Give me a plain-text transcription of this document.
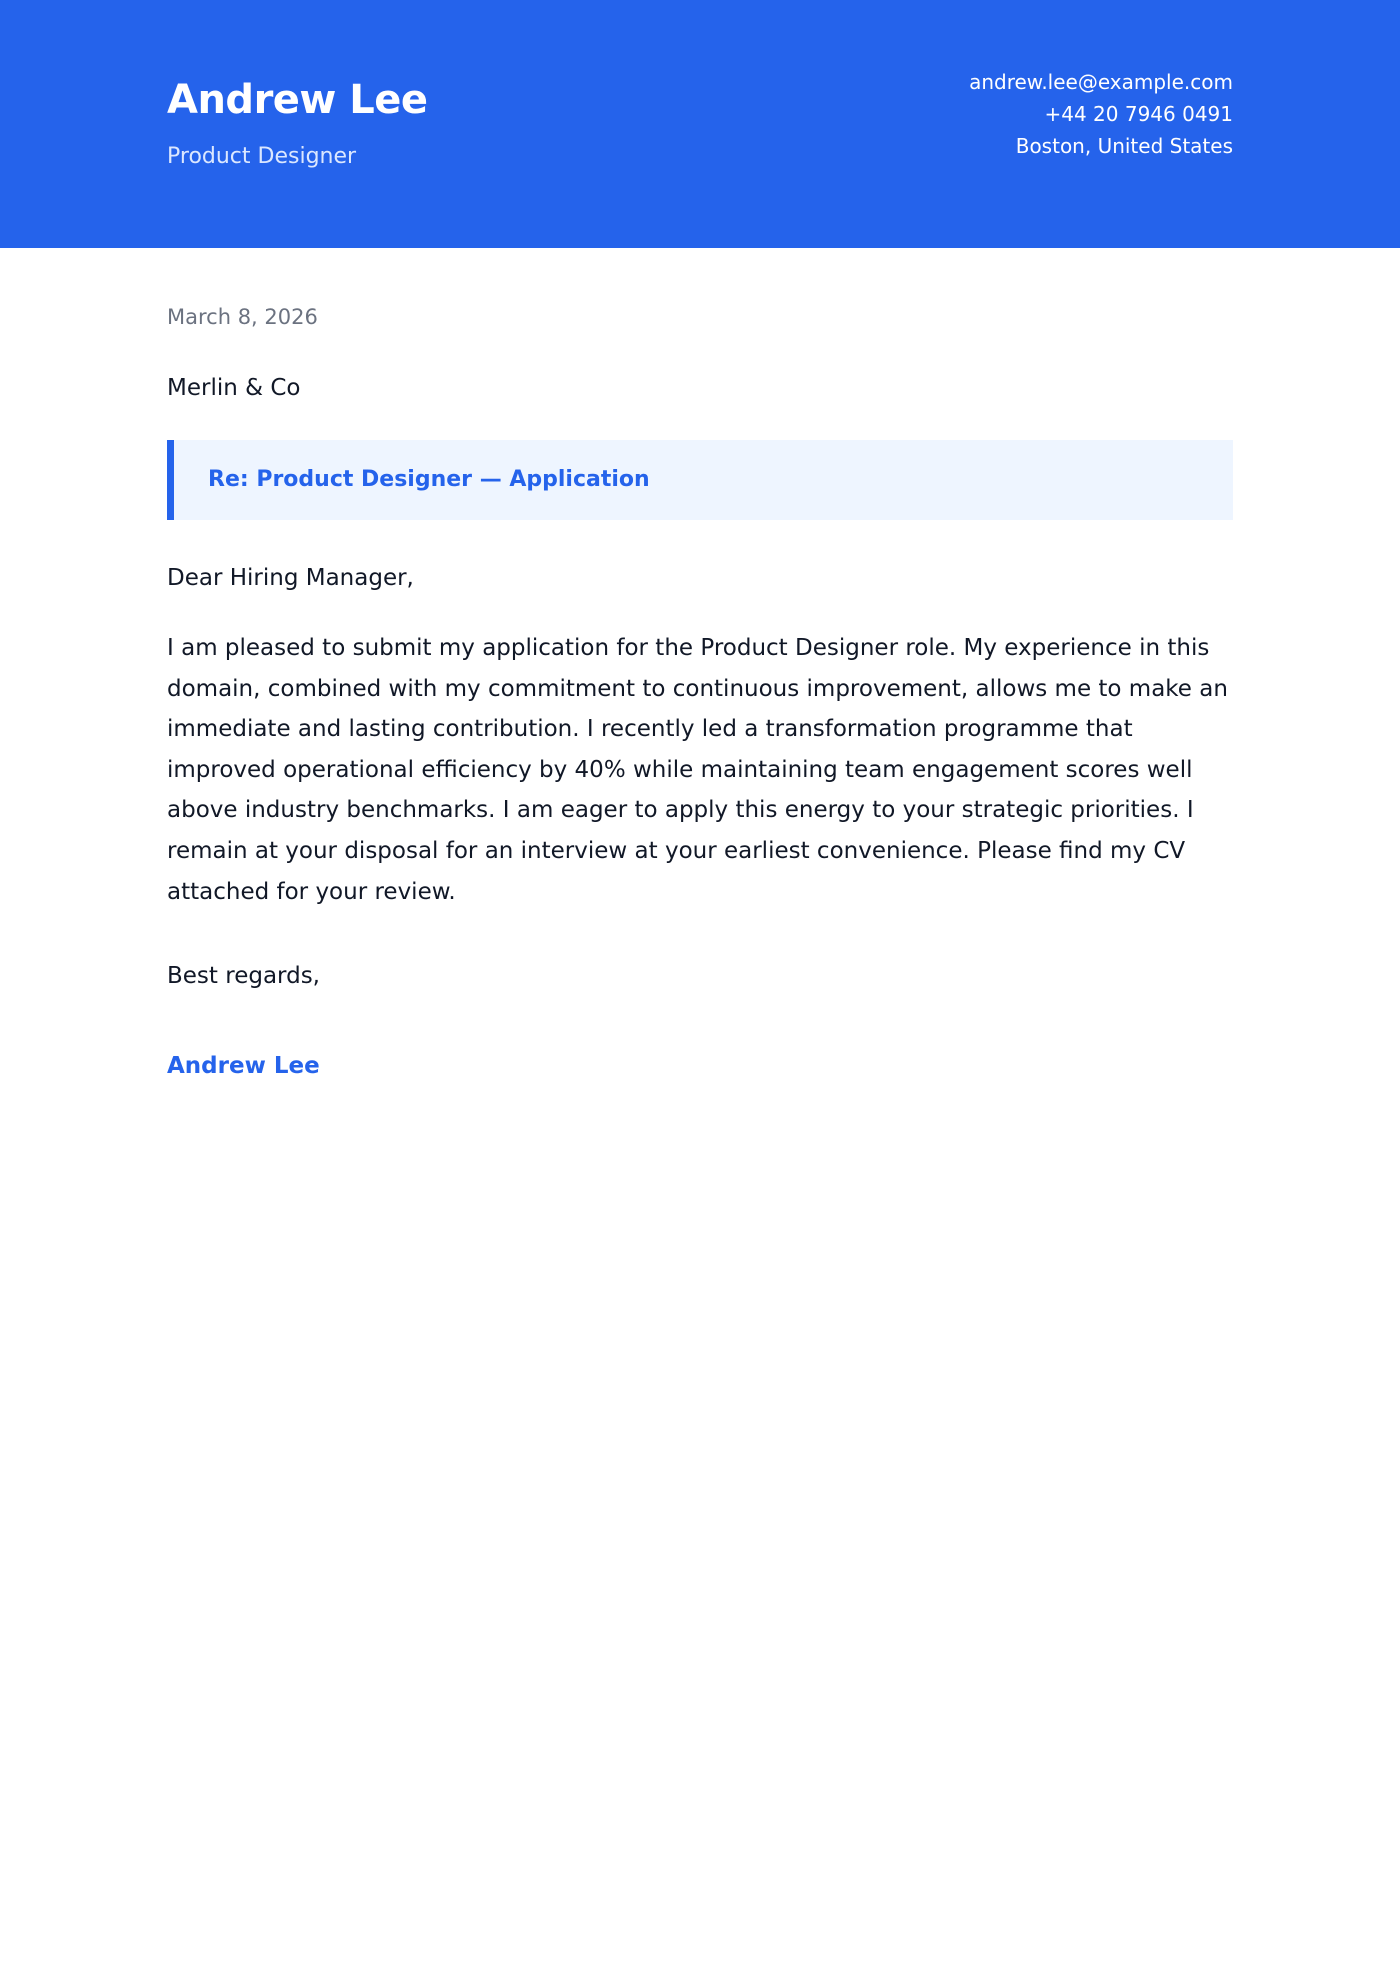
Andrew Lee
Product Designer
andrew.lee@example.com
+44 20 7946 0491
Boston, United States
March 8, 2026
Merlin & Co
Re: Product Designer — Application
Dear Hiring Manager,

I am pleased to submit my application for the Product Designer role. My experience in this domain, combined with my commitment to continuous improvement, allows me to make an immediate and lasting contribution. I recently led a transformation programme that improved operational efficiency by 40% while maintaining team engagement scores well above industry benchmarks. I am eager to apply this energy to your strategic priorities. I remain at your disposal for an interview at your earliest convenience. Please find my CV attached for your review.

Best regards,
Andrew Lee
